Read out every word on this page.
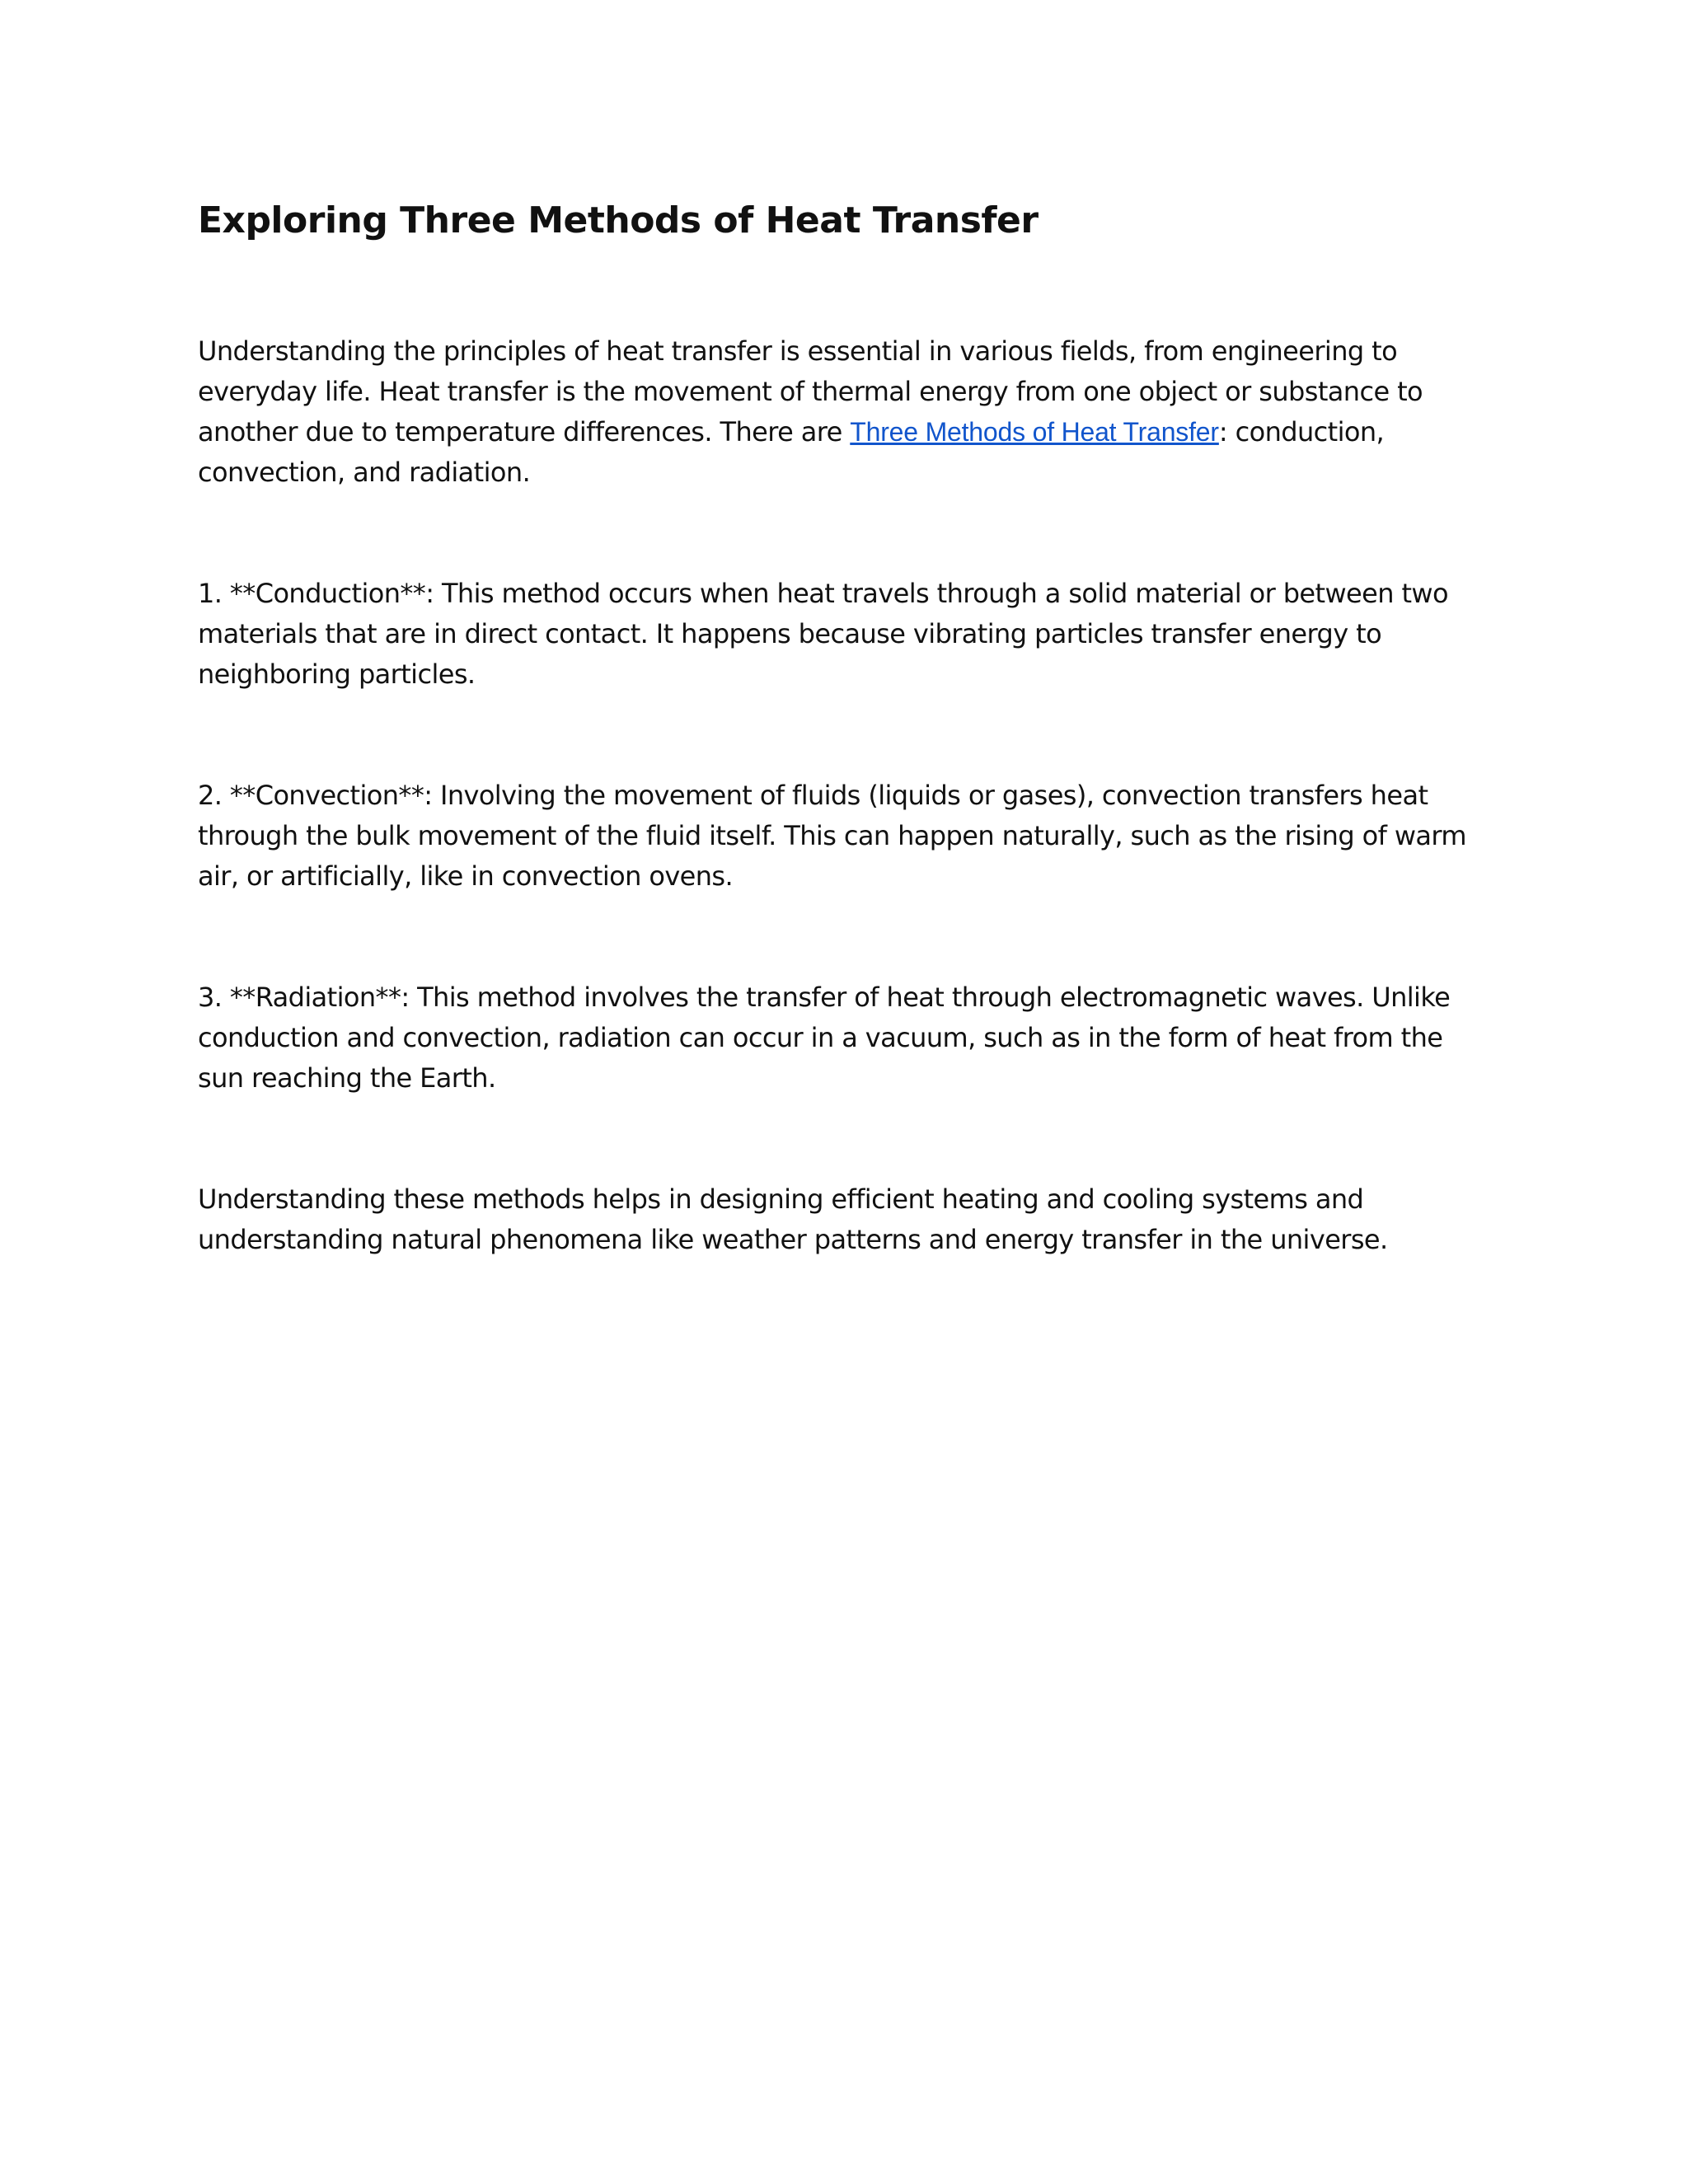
Exploring Three Methods of Heat Transfer

Understanding the principles of heat transfer is essential in various fields, from engineering to everyday life. Heat transfer is the movement of thermal energy from one object or substance to another due to temperature differences. There are Three Methods of Heat Transfer: conduction, convection, and radiation.

1. **Conduction**: This method occurs when heat travels through a solid material or between two materials that are in direct contact. It happens because vibrating particles transfer energy to neighboring particles.

2. **Convection**: Involving the movement of fluids (liquids or gases), convection transfers heat through the bulk movement of the fluid itself. This can happen naturally, such as the rising of warm air, or artificially, like in convection ovens.

3. **Radiation**: This method involves the transfer of heat through electromagnetic waves. Unlike conduction and convection, radiation can occur in a vacuum, such as in the form of heat from the sun reaching the Earth.

Understanding these methods helps in designing efficient heating and cooling systems and understanding natural phenomena like weather patterns and energy transfer in the universe.
